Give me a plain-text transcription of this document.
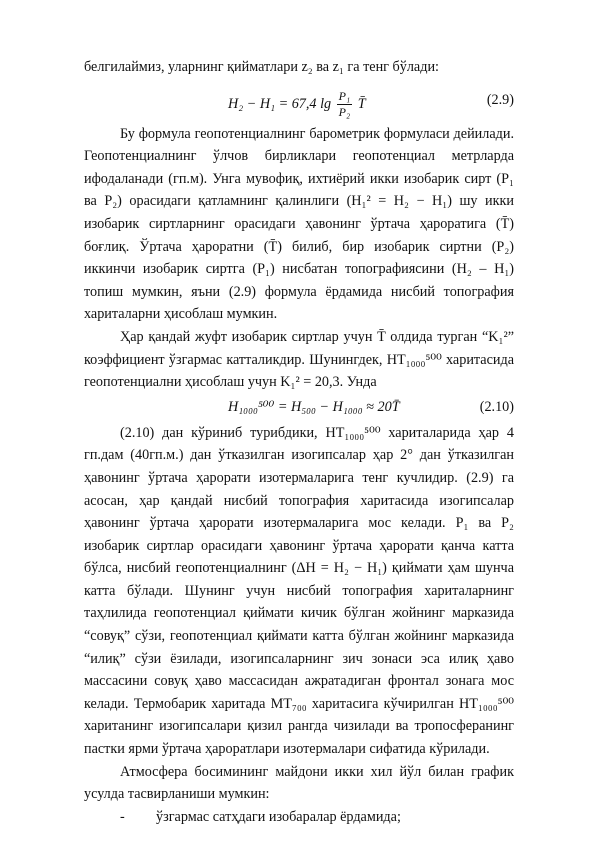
белгилаймиз, уларнинг қийматлари z₂ ва z₁ га тенг бўлади:

H₂ − H₁ = 67,4 $\lg \frac{\text{P₁}}{\text{P₂}}$ T̄	(2.9)

Бу формула геопотенциалнинг барометрик формуласи дейилади. Геопотенциалнинг ўлчов бирликлари геопотенциал метрларда ифодаланади (гп.м). Унга мувофиқ, ихтиёрий икки изобарик сирт (P₁ ва P₂) орасидаги қатламнинг қалинлиги (H₁² = H₂ − H₁) шу икки изобарик сиртларнинг орасидаги ҳавонинг ўртача ҳароратига (T̄) боғлиқ. Ўртача ҳароратни (T̄) билиб, бир изобарик сиртни (P₂) иккинчи изобарик сиртга (P₁) нисбатан топографиясини (H₂ – H₁) топиш мумкин, яъни (2.9) формула ёрдамида нисбий топография хариталарни ҳисоблаш мумкин.

Ҳар қандай жуфт изобарик сиртлар учун T̄ олдида турган “K₁²” коэффициент ўзгармас катталикдир. Шунингдек, НТ₁₀₀₀⁵⁰⁰ харитасида геопотенциални ҳисоблаш учун K₁² = 20,3. Унда

H₁₀₀₀⁵⁰⁰ = H₅₀₀ − H₁₀₀₀ ≈ 20T̄	(2.10)

(2.10) дан кўриниб турибдики, НТ₁₀₀₀⁵⁰⁰ хариталарида ҳар 4 гп.дам (40гп.м.) дан ўтказилган изогипсалар ҳар 2° дан ўтказилган ҳавонинг ўртача ҳарорати изотермаларига тенг кучлидир. (2.9) га асосан, ҳар қандай нисбий топография харитасида изогипсалар ҳавонинг ўртача ҳарорати изотермаларига мос келади. P₁ ва P₂ изобарик сиртлар орасидаги ҳавонинг ўртача ҳарорати қанча катта бўлса, нисбий геопотенциалнинг (ΔH = H₂ − H₁) қиймати ҳам шунча катта бўлади. Шунинг учун нисбий топография хариталарнинг таҳлилида геопотенциал қиймати кичик бўлган жойнинг марказида “совуқ” сўзи, геопотенциал қиймати катта бўлган жойнинг марказида “илиқ” сўзи ёзилади, изогипсаларнинг зич зонаси эса илиқ ҳаво массасини совуқ ҳаво массасидан ажратадиган фронтал зонага мос келади. Термобарик харитада МТ₇₀₀ харитасига кўчирилган НТ₁₀₀₀⁵⁰⁰ хаританинг изогипсалари қизил рангда чизилади ва тропосферанинг пастки ярми ўртача ҳароратлари изотермалари сифатида кўрилади.

Атмосфера босимининг майдони икки хил йўл билан график усулда тасвирланиши мумкин:

-	ўзгармас сатҳдаги изобаралар ёрдамида;
